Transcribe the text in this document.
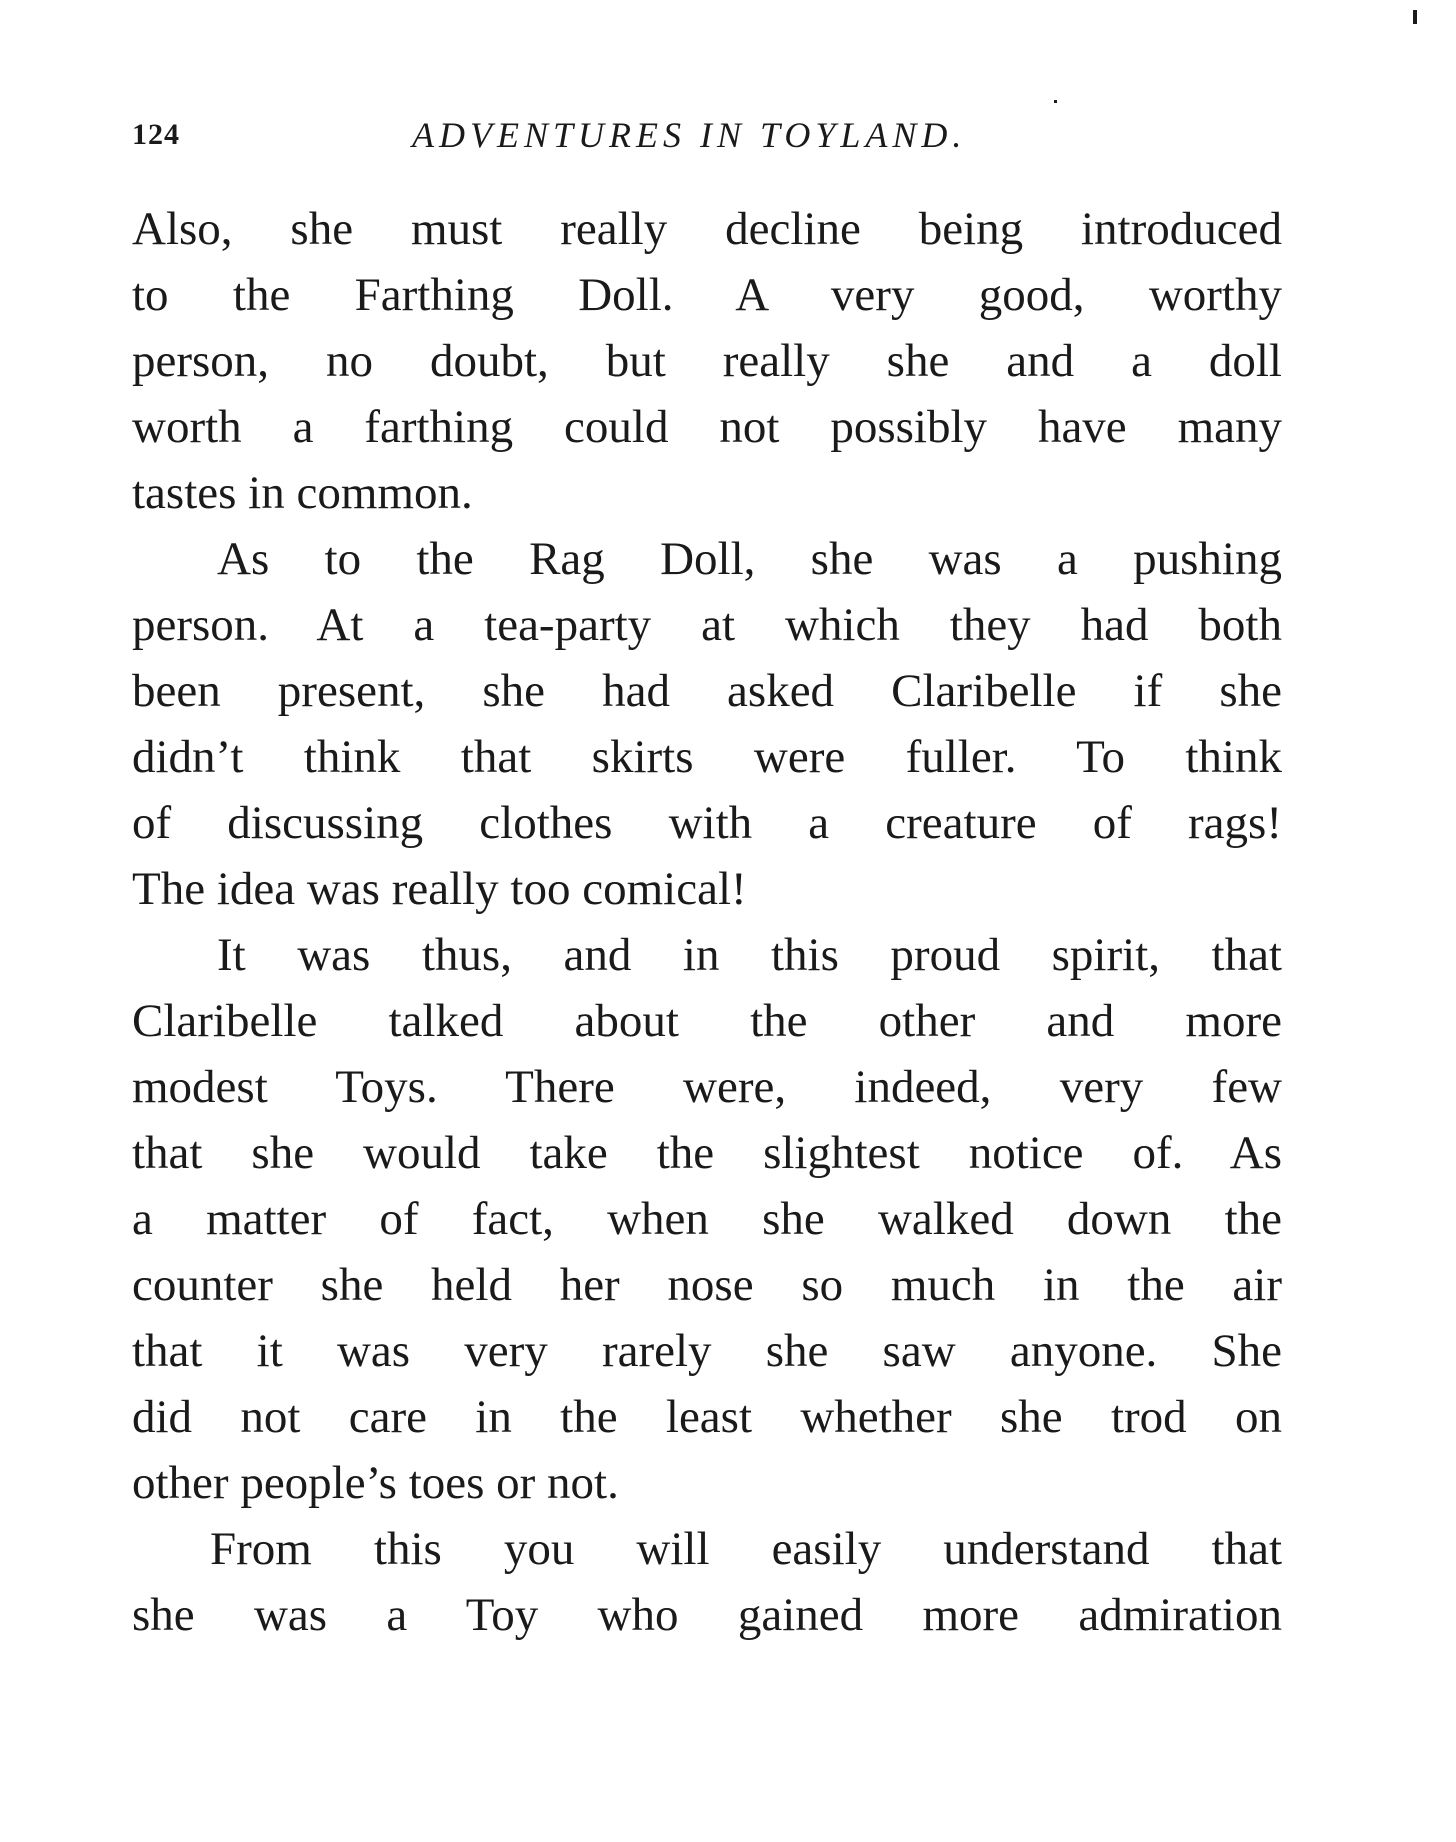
124	ADVENTURES IN TOYLAND.
Also, she must really decline being introduced
to the Farthing Doll. A very good, worthy
person, no doubt, but really she and a doll
worth a farthing could not possibly have many
tastes in common.
As to the Rag Doll, she was a pushing
person. At a tea-party at which they had both
been present, she had asked Claribelle if she
didn’t think that skirts were fuller. To think
of discussing clothes with a creature of rags!
The idea was really too comical!
It was thus, and in this proud spirit, that
Claribelle talked about the other and more
modest Toys. There were, indeed, very few
that she would take the slightest notice of. As
a matter of fact, when she walked down the
counter she held her nose so much in the air
that it was very rarely she saw anyone. She
did not care in the least whether she trod on
other people’s toes or not.
From this you will easily understand that
she was a Toy who gained more admiration
